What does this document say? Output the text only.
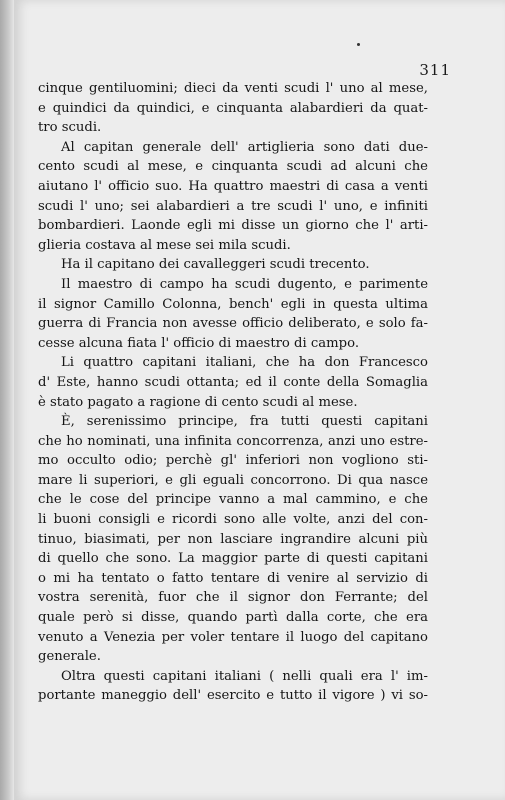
311

cinque gentiluomini; dieci da venti scudi l' uno al mese,
e quindici da quindici, e cinquanta alabardieri da quat-
tro scudi.

Al capitan generale dell' artiglieria sono dati due-
cento scudi al mese, e cinquanta scudi ad alcuni che
aiutano l' officio suo. Ha quattro maestri di casa a venti
scudi l' uno; sei alabardieri a tre scudi l' uno, e infiniti
bombardieri. Laonde egli mi disse un giorno che l' arti-
glieria costava al mese sei mila scudi.

Ha il capitano dei cavalleggeri scudi trecento.

Il maestro di campo ha scudi dugento, e parimente
il signor Camillo Colonna, bench' egli in questa ultima
guerra di Francia non avesse officio deliberato, e solo fa-
cesse alcuna fiata l' officio di maestro di campo.

Li quattro capitani italiani, che ha don Francesco
d' Este, hanno scudi ottanta; ed il conte della Somaglia
è stato pagato a ragione di cento scudi al mese.

È, serenissimo principe, fra tutti questi capitani
che ho nominati, una infinita concorrenza, anzi uno estre-
mo occulto odio; perchè gl' inferiori non vogliono sti-
mare li superiori, e gli eguali concorrono. Di qua nasce
che le cose del principe vanno a mal cammino, e che
li buoni consigli e ricordi sono alle volte, anzi del con-
tinuo, biasimati, per non lasciare ingrandire alcuni più
di quello che sono. La maggior parte di questi capitani
o mi ha tentato o fatto tentare di venire al servizio di
vostra serenità, fuor che il signor don Ferrante; del
quale però si disse, quando partì dalla corte, che era
venuto a Venezia per voler tentare il luogo del capitano
generale.

Oltra questi capitani italiani ( nelli quali era l' im-
portante maneggio dell' esercito e tutto il vigore ) vi so-
